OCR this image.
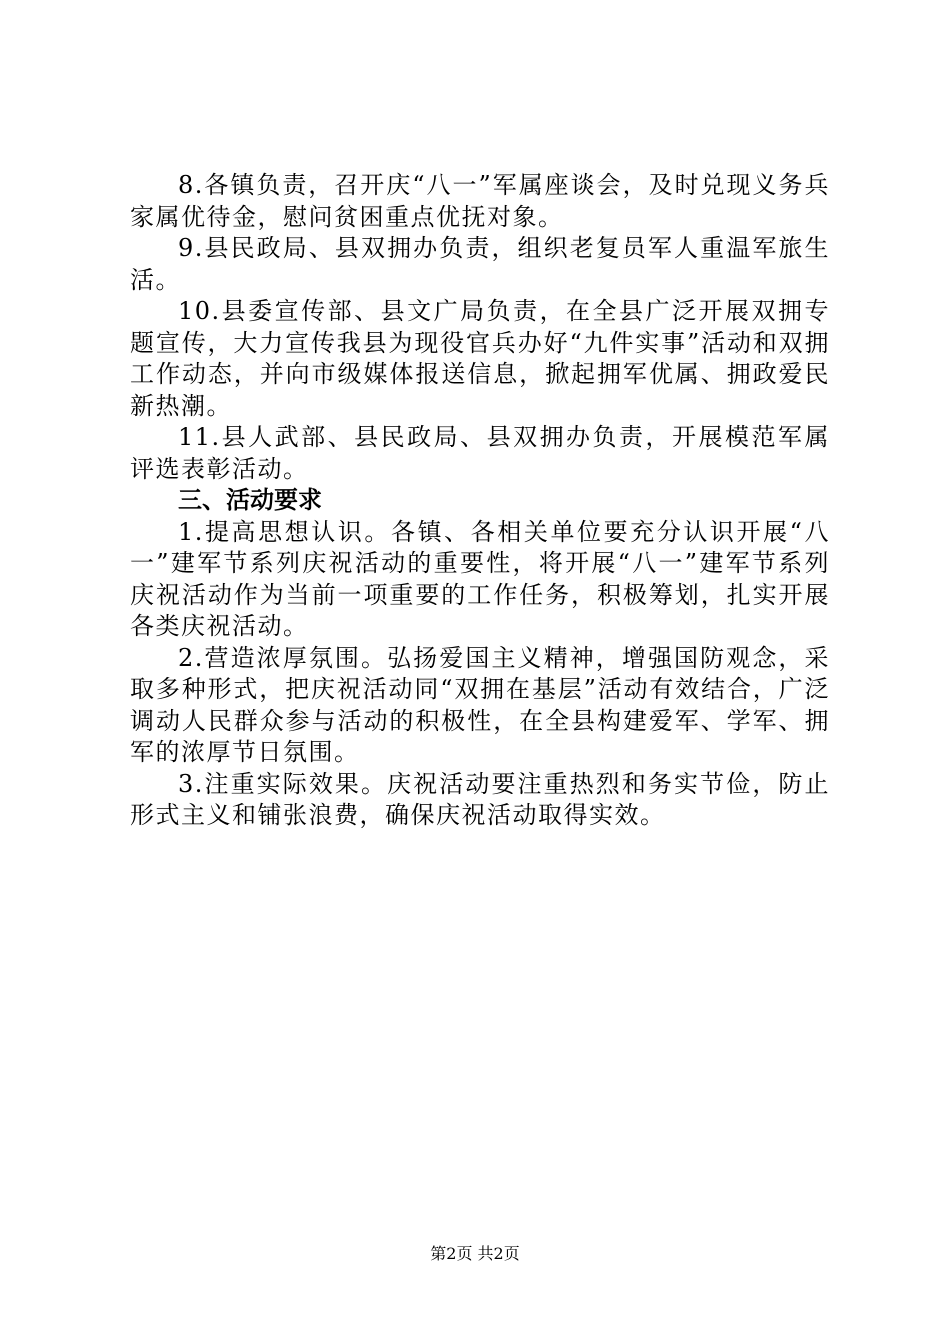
8.各镇负责，召开庆“八一”军属座谈会，及时兑现义务兵家属优待金，慰问贫困重点优抚对象。

9.县民政局、县双拥办负责，组织老复员军人重温军旅生活。

10.县委宣传部、县文广局负责，在全县广泛开展双拥专题宣传，大力宣传我县为现役官兵办好“九件实事”活动和双拥工作动态，并向市级媒体报送信息，掀起拥军优属、拥政爱民新热潮。

11.县人武部、县民政局、县双拥办负责，开展模范军属评选表彰活动。

三、活动要求

1.提高思想认识。各镇、各相关单位要充分认识开展“八一”建军节系列庆祝活动的重要性，将开展“八一”建军节系列庆祝活动作为当前一项重要的工作任务，积极筹划，扎实开展各类庆祝活动。

2.营造浓厚氛围。弘扬爱国主义精神，增强国防观念，采取多种形式，把庆祝活动同“双拥在基层”活动有效结合，广泛调动人民群众参与活动的积极性，在全县构建爱军、学军、拥军的浓厚节日氛围。

3.注重实际效果。庆祝活动要注重热烈和务实节俭，防止形式主义和铺张浪费，确保庆祝活动取得实效。

第2页 共2页
